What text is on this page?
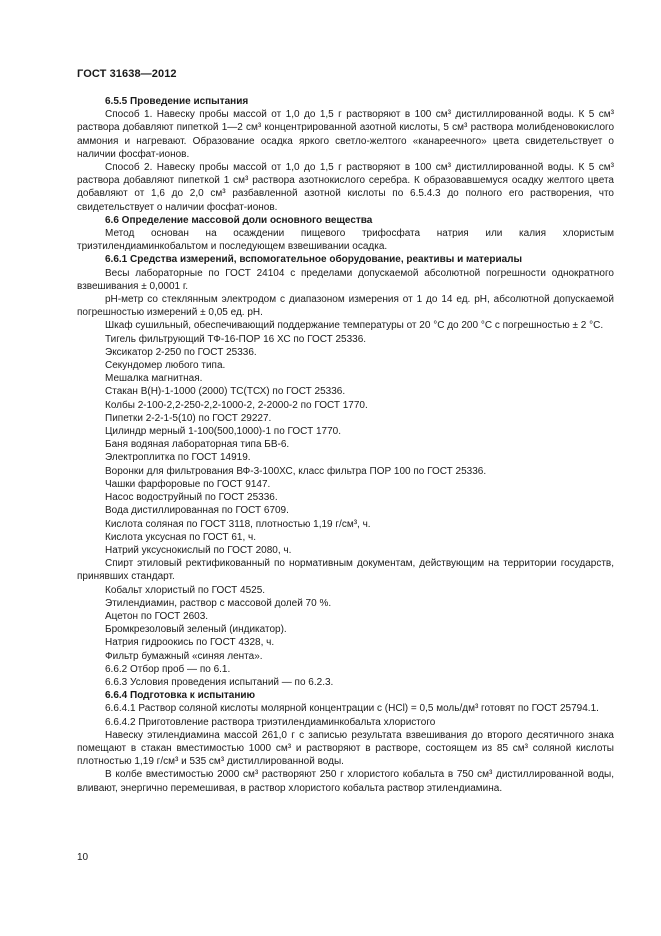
ГОСТ 31638—2012

6.5.5 Проведение испытания

Способ 1. Навеску пробы массой от 1,0 до 1,5 г растворяют в 100 см³ дистиллированной воды. К 5 см³ раствора добавляют пипеткой 1—2 см³ концентрированной азотной кислоты, 5 см³ раствора молибденовокислого аммония и нагревают. Образование осадка яркого светло-желтого «канареечного» цвета свидетельствует о наличии фосфат-ионов.

Способ 2. Навеску пробы массой от 1,0 до 1,5 г растворяют в 100 см³ дистиллированной воды. К 5 см³ раствора добавляют пипеткой 1 см³ раствора азотнокислого серебра. К образовавшемуся осадку желтого цвета добавляют от 1,6 до 2,0 см³ разбавленной азотной кислоты по 6.5.4.3 до полного его растворения, что свидетельствует о наличии фосфат-ионов.

6.6 Определение массовой доли основного вещества

Метод основан на осаждении пищевого трифосфата натрия или калия хлористым триэтилендиаминкобальтом и последующем взвешивании осадка.

6.6.1 Средства измерений, вспомогательное оборудование, реактивы и материалы

Весы лабораторные по ГОСТ 24104 с пределами допускаемой абсолютной погрешности однократного взвешивания ± 0,0001 г.

рН-метр со стеклянным электродом с диапазоном измерения от 1 до 14 ед. рН, абсолютной допускаемой погрешностью измерений ± 0,05 ед. рН.

Шкаф сушильный, обеспечивающий поддержание температуры от 20 °С до 200 °С с погрешностью ± 2 °С.

Тигель фильтрующий ТФ-16-ПОР 16 ХС по ГОСТ 25336.

Эксикатор 2-250 по ГОСТ 25336.

Секундомер любого типа.

Мешалка магнитная.

Стакан В(Н)-1-1000 (2000) ТС(ТСХ) по ГОСТ 25336.

Колбы 2-100-2,2-250-2,2-1000-2, 2-2000-2 по ГОСТ 1770.

Пипетки 2-2-1-5(10) по ГОСТ 29227.

Цилиндр мерный 1-100(500,1000)-1 по ГОСТ 1770.

Баня водяная лабораторная типа БВ-6.

Электроплитка по ГОСТ 14919.

Воронки для фильтрования ВФ-3-100ХС, класс фильтра ПОР 100 по ГОСТ 25336.

Чашки фарфоровые по ГОСТ 9147.

Насос водоструйный по ГОСТ 25336.

Вода дистиллированная по ГОСТ 6709.

Кислота соляная по ГОСТ 3118, плотностью 1,19 г/см³, ч.

Кислота уксусная по ГОСТ 61, ч.

Натрий уксуснокислый по ГОСТ 2080, ч.

Спирт этиловый ректификованный по нормативным документам, действующим на территории государств, принявших стандарт.

Кобальт хлористый по ГОСТ 4525.

Этилендиамин, раствор с массовой долей 70 %.

Ацетон по ГОСТ 2603.

Бромкрезоловый зеленый (индикатор).

Натрия гидроокись по ГОСТ 4328, ч.

Фильтр бумажный «синяя лента».

6.6.2 Отбор проб — по 6.1.

6.6.3 Условия проведения испытаний — по 6.2.3.

6.6.4 Подготовка к испытанию

6.6.4.1 Раствор соляной кислоты молярной концентрации с (HCl) = 0,5 моль/дм³ готовят по ГОСТ 25794.1.

6.6.4.2 Приготовление раствора триэтилендиаминкобальта хлористого

Навеску этилендиамина массой 261,0 г с записью результата взвешивания до второго десятичного знака помещают в стакан вместимостью 1000 см³ и растворяют в растворе, состоящем из 85 см³ соляной кислоты плотностью 1,19 г/см³ и 535 см³ дистиллированной воды.

В колбе вместимостью 2000 см³ растворяют 250 г хлористого кобальта в 750 см³ дистиллированной воды, вливают, энергично перемешивая, в раствор хлористого кобальта раствор этилендиамина.

10
